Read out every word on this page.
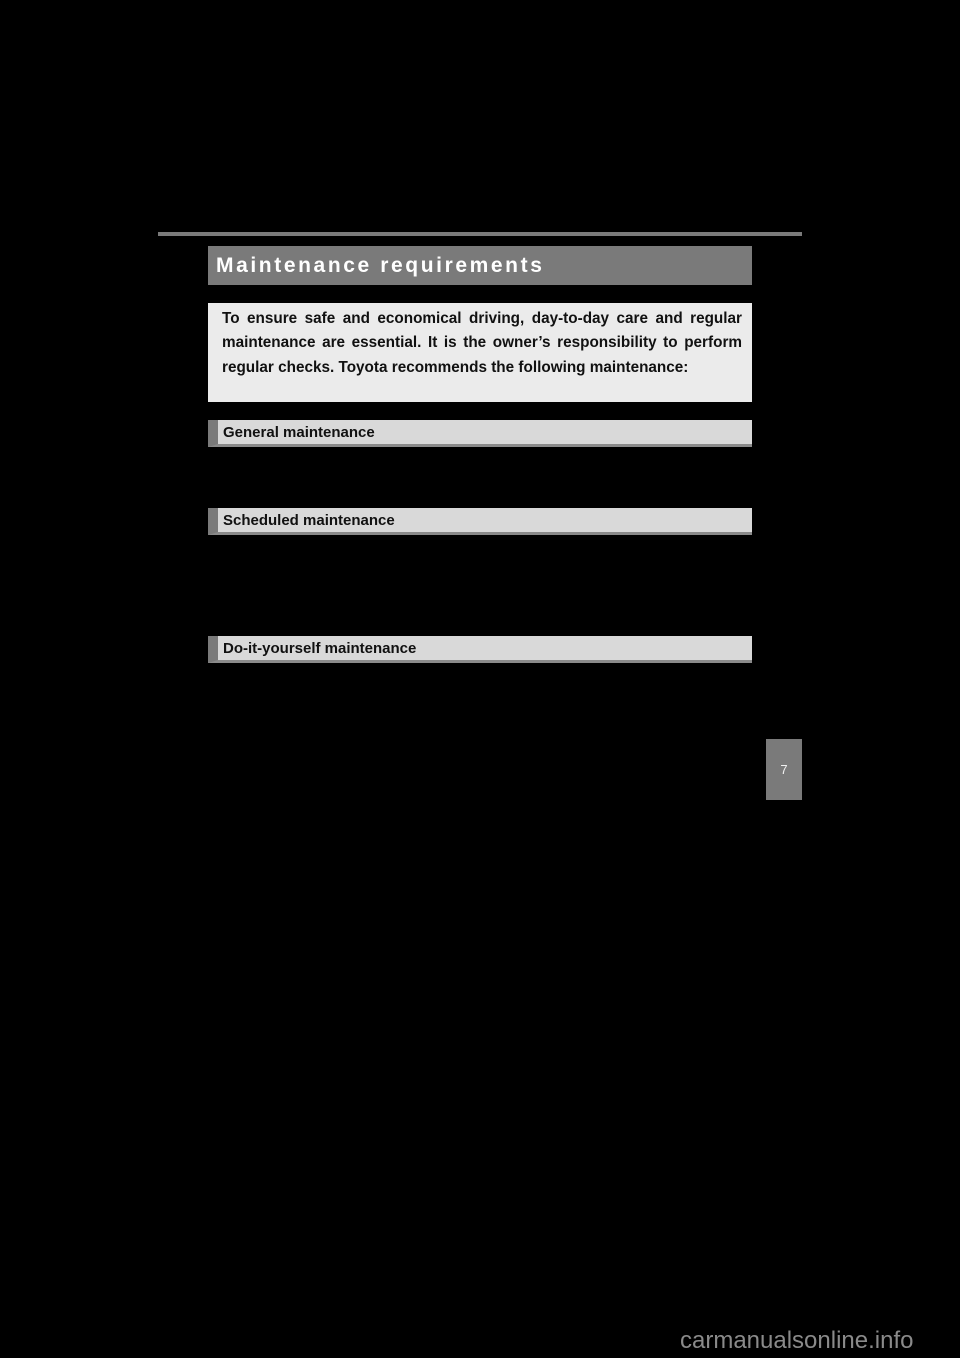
Maintenance requirements

To ensure safe and economical driving, day-to-day care and regular maintenance are essential. It is the owner’s responsibility to perform regular checks. Toyota recommends the following maintenance:

General maintenance
Scheduled maintenance
Do-it-yourself maintenance
7
carmanualsonline.info
